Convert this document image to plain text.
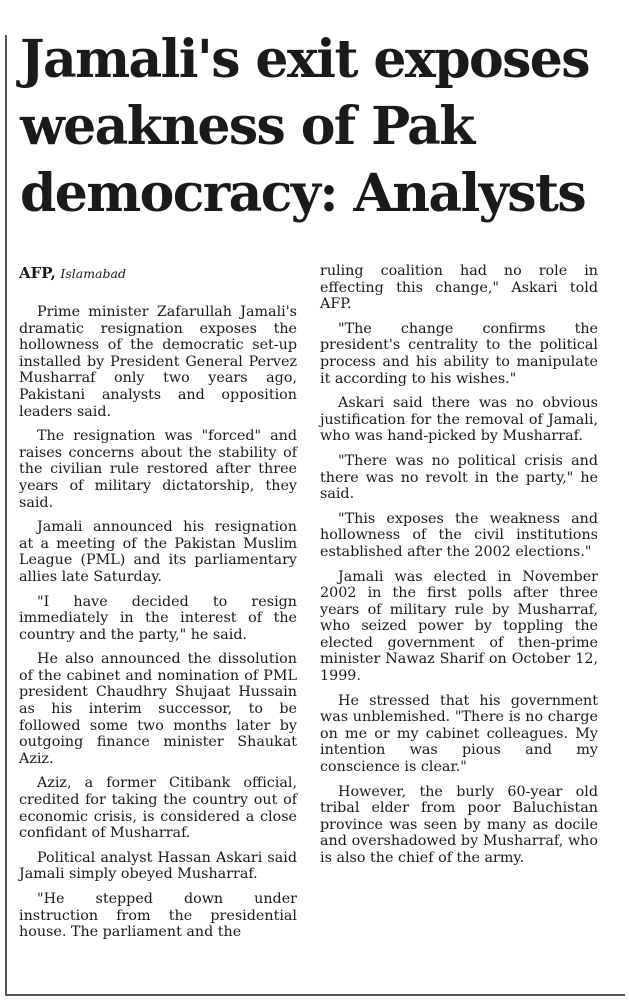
Jamali's exit exposes weakness of Pak democracy: Analysts
AFP, Islamabad

Prime minister Zafarullah Jamali's dramatic resignation exposes the hollowness of the democratic set-up installed by President General Pervez Musharraf only two years ago, Pakistani analysts and opposition leaders said.

The resignation was "forced" and raises concerns about the stability of the civilian rule restored after three years of military dictatorship, they said.

Jamali announced his resignation at a meeting of the Pakistan Muslim League (PML) and its parliamentary allies late Saturday.

"I have decided to resign immediately in the interest of the country and the party," he said.

He also announced the dissolution of the cabinet and nomination of PML president Chaudhry Shujaat Hussain as his interim successor, to be followed some two months later by outgoing finance minister Shaukat Aziz.

Aziz, a former Citibank official, credited for taking the country out of economic crisis, is considered a close confidant of Musharraf.

Political analyst Hassan Askari said Jamali simply obeyed Musharraf.

"He stepped down under instruction from the presidential house. The parliament and the

ruling coalition had no role in effecting this change," Askari told AFP.

"The change confirms the president's centrality to the political process and his ability to manipulate it according to his wishes."

Askari said there was no obvious justification for the removal of Jamali, who was hand-picked by Musharraf.

"There was no political crisis and there was no revolt in the party," he said.

"This exposes the weakness and hollowness of the civil institutions established after the 2002 elections."

Jamali was elected in November 2002 in the first polls after three years of military rule by Musharraf, who seized power by toppling the elected government of then-prime minister Nawaz Sharif on October 12, 1999.

He stressed that his government was unblemished. "There is no charge on me or my cabinet colleagues. My intention was pious and my conscience is clear."

However, the burly 60-year old tribal elder from poor Baluchistan province was seen by many as docile and overshadowed by Musharraf, who is also the chief of the army.
